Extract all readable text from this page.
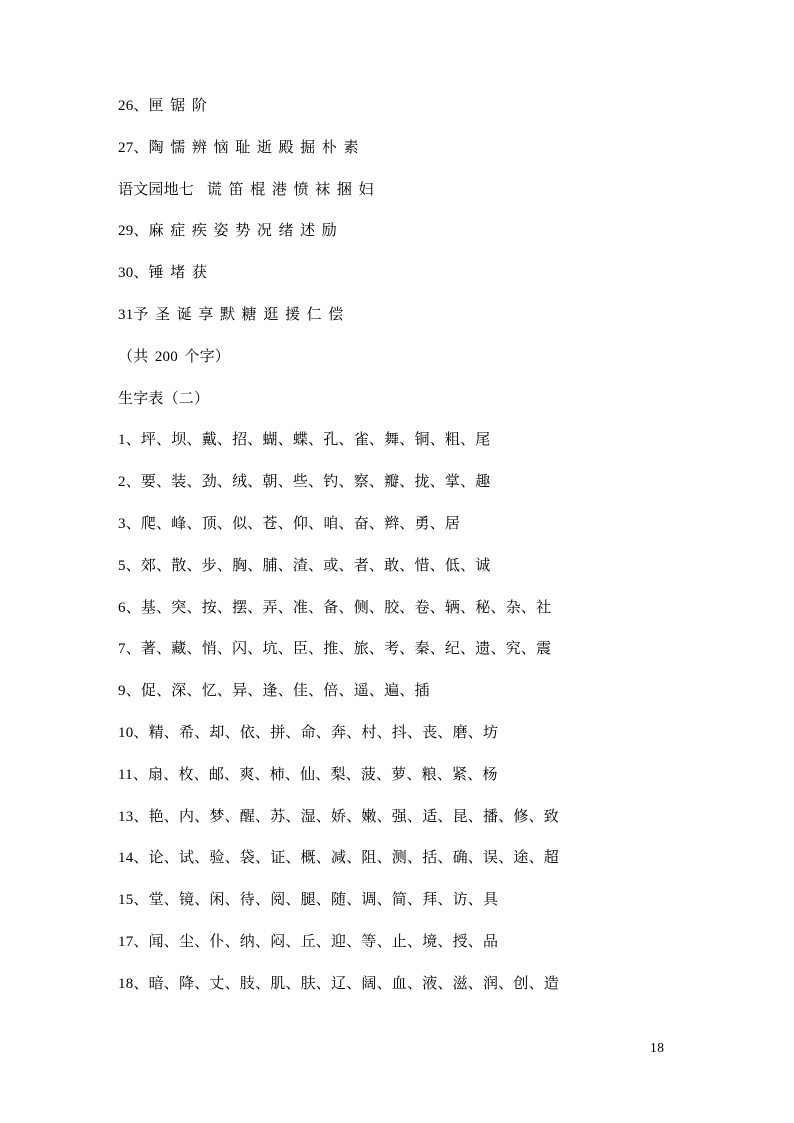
26、匣 锯 阶

27、陶 懦 辨 恼 耻 逝 殿 掘 朴 素

语文园地七  谎 笛 棍 港 愤 袜 捆 妇

29、麻 症 疾 姿 势 况 绪 述 励

30、锤 堵 获

31予 圣 诞 享 默 糖 逛 援 仁 偿

（共 200 个字）

生字表（二）

1、坪、坝、戴、招、蝴、蝶、孔、雀、舞、铜、粗、尾

2、要、装、劲、绒、朝、些、钓、察、瓣、拢、掌、趣

3、爬、峰、顶、似、苍、仰、咱、奋、辫、勇、居

5、郊、散、步、胸、脯、渣、或、者、敢、惜、低、诚

6、基、突、按、摆、弄、准、备、侧、胶、卷、辆、秘、杂、社

7、著、藏、悄、闪、坑、臣、推、旅、考、秦、纪、遗、究、震

9、促、深、忆、异、逢、佳、倍、遥、遍、插

10、精、希、却、依、拼、命、奔、村、抖、丧、磨、坊

11、扇、枚、邮、爽、柿、仙、梨、菠、萝、粮、紧、杨

13、艳、内、梦、醒、苏、湿、娇、嫩、强、适、昆、播、修、致

14、论、试、验、袋、证、概、减、阻、测、括、确、误、途、超

15、堂、镜、闲、待、阅、腿、随、调、简、拜、访、具

17、闻、尘、仆、纳、闷、丘、迎、等、止、境、授、品

18、暗、降、丈、肢、肌、肤、辽、阔、血、液、滋、润、创、造

18
